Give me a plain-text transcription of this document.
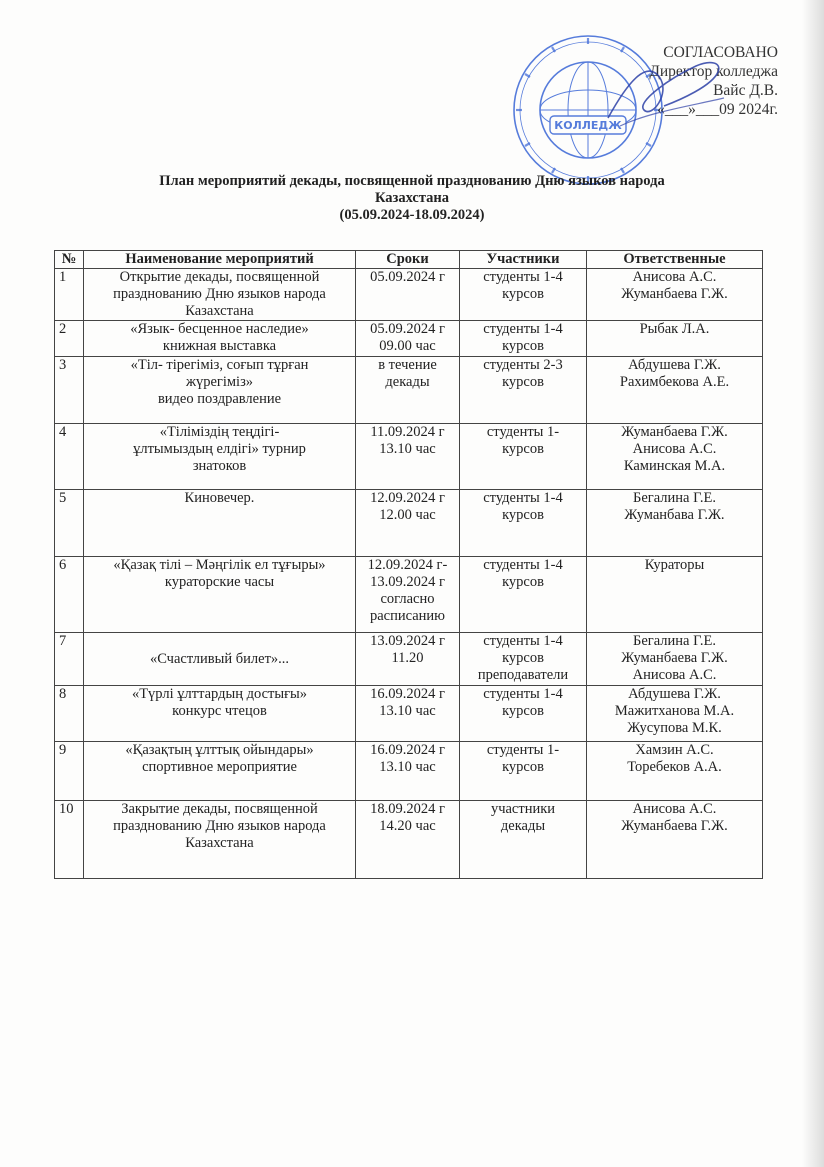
КОЛЛЕДЖ
СОГЛАСОВАНО
Директор колледжа
Вайс Д.В.
«___»___09 2024г.
План мероприятий декады, посвященной празднованию Дню языков народа
Казахстана
(05.09.2024-18.09.2024)
№	Наименование мероприятий	Сроки	Участники	Ответственные
1	Открытие декады, посвященной
празднованию Дню языков народа
Казахстана	05.09.2024 г	студенты 1-4
курсов	Анисова А.С.
Жуманбаева Г.Ж.
2	«Язык- бесценное наследие»
книжная выставка	05.09.2024 г
09.00 час	студенты 1-4
курсов	Рыбак Л.А.
3	«Тіл- тірегіміз, соғып тұрған
жүрегіміз»
видео поздравление	в течение
декады	студенты 2-3
курсов	Абдушева Г.Ж.
Рахимбекова А.Е.
4	«Тіліміздің теңдігі-
ұлтымыздың елдігі» турнир
знатоков	11.09.2024 г
13.10 час	студенты 1-
курсов	Жуманбаева Г.Ж.
Анисова А.С.
Каминская М.А.
5	Киновечер.	12.09.2024 г
12.00 час	студенты 1-4
курсов	Бегалина Г.Е.
Жуманбава Г.Ж.
6	«Қазақ тілі – Мәңгілік ел тұғыры»
кураторские часы	12.09.2024 г-
13.09.2024 г
согласно
расписанию	студенты 1-4
курсов	Кураторы
7	«Счастливый билет»...	13.09.2024 г
11.20	студенты 1-4
курсов
преподаватели	Бегалина Г.Е.
Жуманбаева Г.Ж.
Анисова А.С.
8	«Түрлі ұлттардың достығы»
конкурс чтецов	16.09.2024 г
13.10 час	студенты 1-4
курсов	Абдушева Г.Ж.
Мажитханова М.А.
Жусупова М.К.
9	«Қазақтың ұлттық ойындары»
спортивное мероприятие	16.09.2024 г
13.10 час	студенты 1-
курсов	Хамзин А.С.
Торебеков А.А.
10	Закрытие декады, посвященной
празднованию Дню языков народа
Казахстана	18.09.2024 г
14.20 час	участники
декады	Анисова А.С.
Жуманбаева Г.Ж.
